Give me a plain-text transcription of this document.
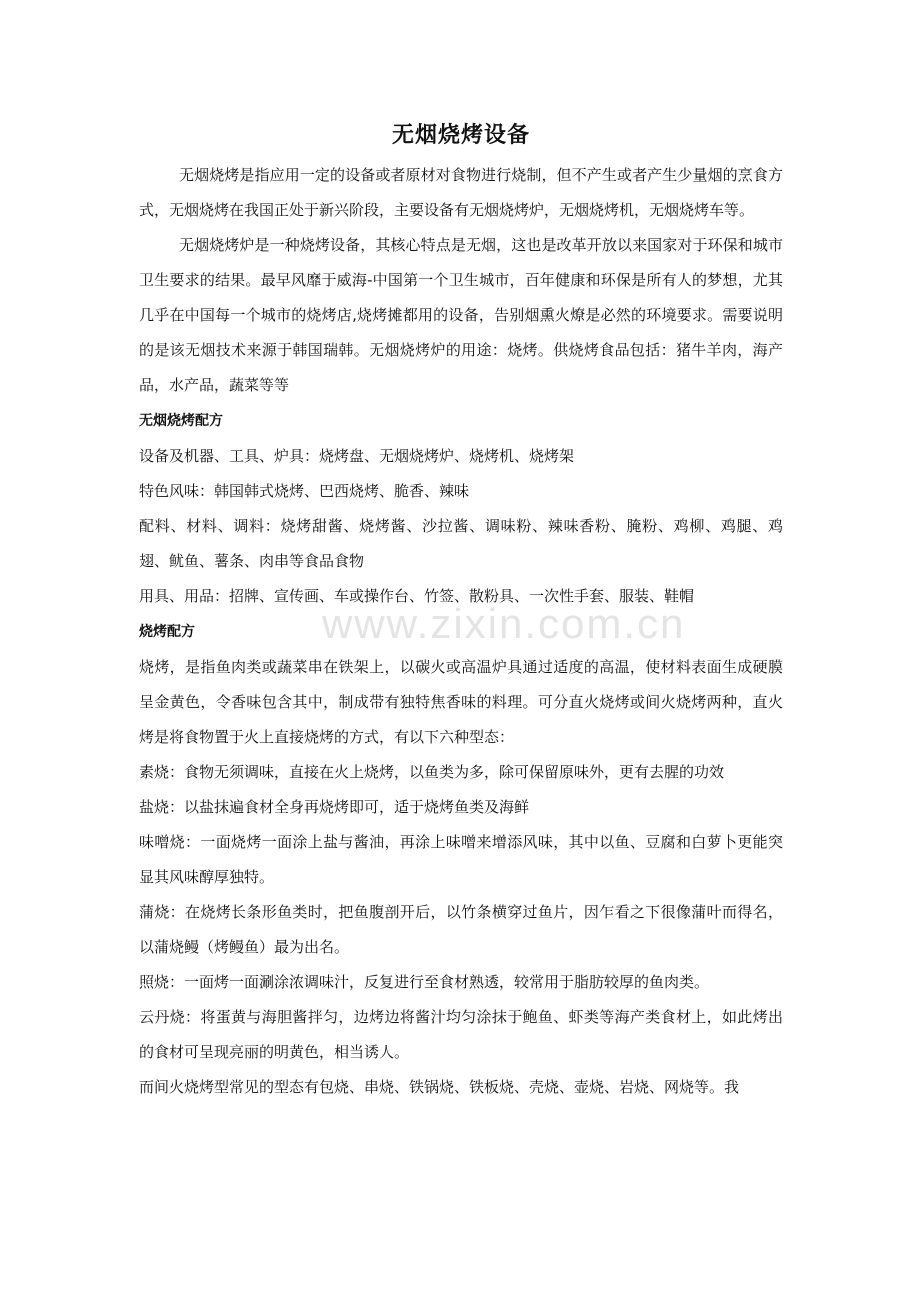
www.zixin.com.cn
无烟烧烤设备

无烟烧烤是指应用一定的设备或者原材对食物进行烧制，但不产生或者产生少量烟的烹食方式，无烟烧烤在我国正处于新兴阶段，主要设备有无烟烧烤炉，无烟烧烤机，无烟烧烤车等。

无烟烧烤炉是一种烧烤设备，其核心特点是无烟，这也是改革开放以来国家对于环保和城市卫生要求的结果。最早风靡于威海-中国第一个卫生城市，百年健康和环保是所有人的梦想，尤其几乎在中国每一个城市的烧烤店,烧烤摊都用的设备，告别烟熏火燎是必然的环境要求。需要说明的是该无烟技术来源于韩国瑞韩。无烟烧烤炉的用途：烧烤。供烧烤食品包括：猪牛羊肉，海产品，水产品，蔬菜等等

无烟烧烤配方

设备及机器、工具、炉具：烧烤盘、无烟烧烤炉、烧烤机、烧烤架

特色风味：韩国韩式烧烤、巴西烧烤、脆香、辣味

配料、材料、调料：烧烤甜酱、烧烤酱、沙拉酱、调味粉、辣味香粉、腌粉、鸡柳、鸡腿、鸡翅、鱿鱼、薯条、肉串等食品食物

用具、用品：招牌、宣传画、车或操作台、竹签、散粉具、一次性手套、服装、鞋帽

烧烤配方

烧烤，是指鱼肉类或蔬菜串在铁架上，以碳火或高温炉具通过适度的高温，使材料表面生成硬膜呈金黄色，令香味包含其中，制成带有独特焦香味的料理。可分直火烧烤或间火烧烤两种，直火烤是将食物置于火上直接烧烤的方式，有以下六种型态：

素烧：食物无须调味，直接在火上烧烤，以鱼类为多，除可保留原味外，更有去腥的功效

盐烧：以盐抹遍食材全身再烧烤即可，适于烧烤鱼类及海鲜

味噌烧：一面烧烤一面涂上盐与酱油，再涂上味噌来增添风味，其中以鱼、豆腐和白萝卜更能突显其风味醇厚独特。

蒲烧：在烧烤长条形鱼类时，把鱼腹剖开后，以竹条横穿过鱼片，因乍看之下很像蒲叶而得名，以蒲烧鳗（烤鳗鱼）最为出名。

照烧：一面烤一面涮涂浓调味汁，反复进行至食材熟透，较常用于脂肪较厚的鱼肉类。

云丹烧：将蛋黄与海胆酱拌匀，边烤边将酱汁均匀涂抹于鲍鱼、虾类等海产类食材上，如此烤出的食材可呈现亮丽的明黄色，相当诱人。

而间火烧烤型常见的型态有包烧、串烧、铁锅烧、铁板烧、壳烧、壶烧、岩烧、网烧等。我
